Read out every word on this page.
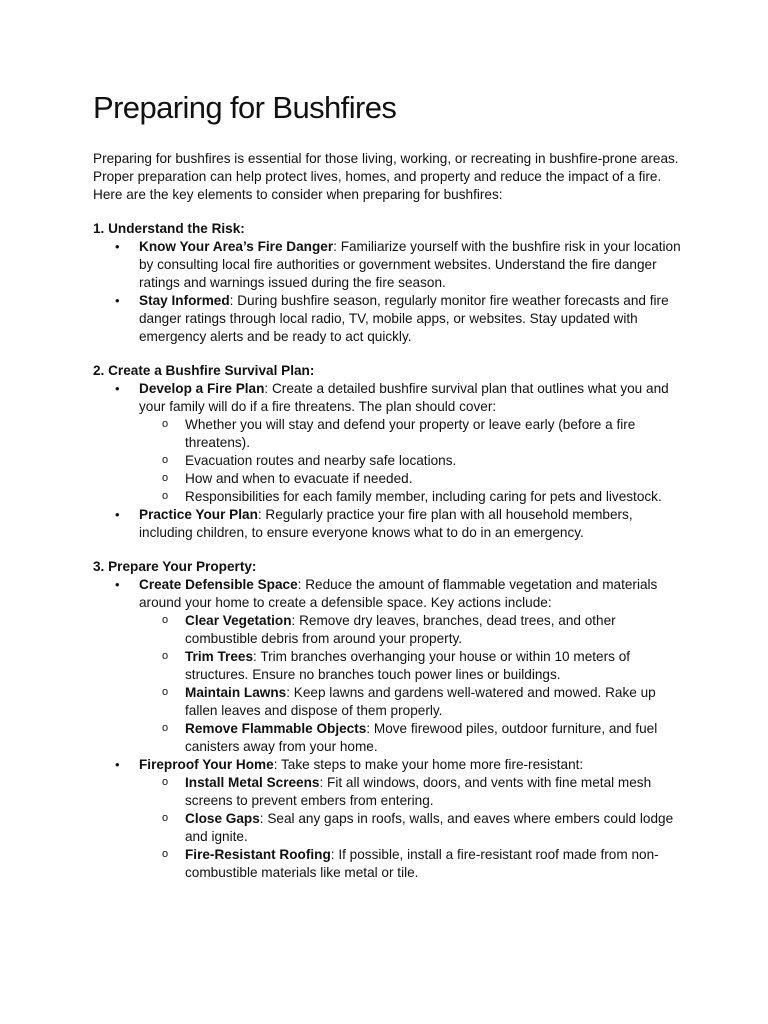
Preparing for Bushfires

Preparing for bushfires is essential for those living, working, or recreating in bushfire-prone areas. Proper preparation can help protect lives, homes, and property and reduce the impact of a fire. Here are the key elements to consider when preparing for bushfires:

1. Understand the Risk:

• Know Your Area’s Fire Danger: Familiarize yourself with the bushfire risk in your location by consulting local fire authorities or government websites. Understand the fire danger ratings and warnings issued during the fire season.
• Stay Informed: During bushfire season, regularly monitor fire weather forecasts and fire danger ratings through local radio, TV, mobile apps, or websites. Stay updated with emergency alerts and be ready to act quickly.

2. Create a Bushfire Survival Plan:

• Develop a Fire Plan: Create a detailed bushfire survival plan that outlines what you and your family will do if a fire threatens. The plan should cover:
o Whether you will stay and defend your property or leave early (before a fire threatens).
o Evacuation routes and nearby safe locations.
o How and when to evacuate if needed.
o Responsibilities for each family member, including caring for pets and livestock.
• Practice Your Plan: Regularly practice your fire plan with all household members, including children, to ensure everyone knows what to do in an emergency.

3. Prepare Your Property:

• Create Defensible Space: Reduce the amount of flammable vegetation and materials around your home to create a defensible space. Key actions include:
o Clear Vegetation: Remove dry leaves, branches, dead trees, and other combustible debris from around your property.
o Trim Trees: Trim branches overhanging your house or within 10 meters of structures. Ensure no branches touch power lines or buildings.
o Maintain Lawns: Keep lawns and gardens well-watered and mowed. Rake up fallen leaves and dispose of them properly.
o Remove Flammable Objects: Move firewood piles, outdoor furniture, and fuel canisters away from your home.
• Fireproof Your Home: Take steps to make your home more fire-resistant:
o Install Metal Screens: Fit all windows, doors, and vents with fine metal mesh screens to prevent embers from entering.
o Close Gaps: Seal any gaps in roofs, walls, and eaves where embers could lodge and ignite.
o Fire-Resistant Roofing: If possible, install a fire-resistant roof made from non-combustible materials like metal or tile.
